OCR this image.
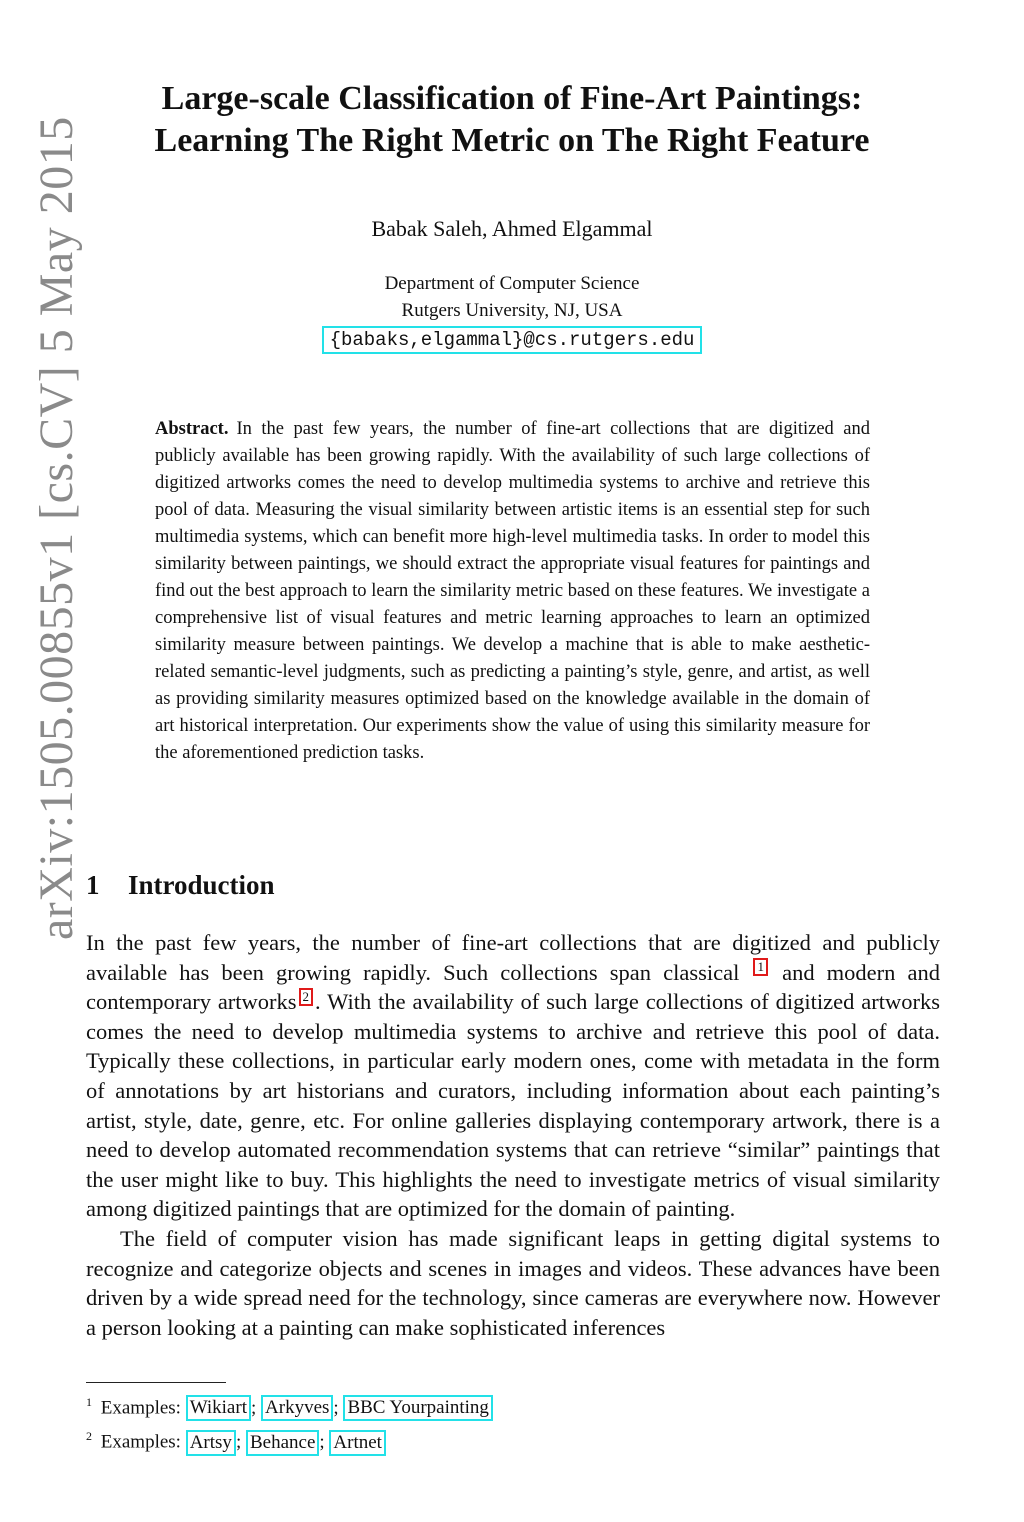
arXiv:1505.00855v1 [cs.CV] 5 May 2015
Large-scale Classification of Fine-Art Paintings:
Learning The Right Metric on The Right Feature
Babak Saleh, Ahmed Elgammal
Department of Computer Science
Rutgers University, NJ, USA
{babaks,elgammal}@cs.rutgers.edu
Abstract. In the past few years, the number of fine-art collections that are digitized and publicly available has been growing rapidly. With the availability of such large collections of digitized artworks comes the need to develop multimedia systems to archive and retrieve this pool of data. Measuring the visual similarity between artistic items is an essential step for such multimedia systems, which can benefit more high-level multimedia tasks. In order to model this similarity between paintings, we should extract the appropriate visual features for paintings and find out the best approach to learn the similarity metric based on these features. We investigate a comprehensive list of visual features and metric learning approaches to learn an optimized similarity measure between paintings. We develop a machine that is able to make aesthetic-related semantic-level judgments, such as predicting a painting’s style, genre, and artist, as well as providing similarity measures optimized based on the knowledge available in the domain of art historical interpretation. Our experiments show the value of using this similarity measure for the aforementioned prediction tasks.
1 Introduction

In the past few years, the number of fine-art collections that are digitized and publicly available has been growing rapidly. Such collections span classical 1 and modern and contemporary artworks 2 . With the availability of such large collections of digitized artworks comes the need to develop multimedia systems to archive and retrieve this pool of data. Typically these collections, in particular early modern ones, come with metadata in the form of annotations by art historians and curators, including information about each painting’s artist, style, date, genre, etc. For online galleries displaying contemporary artwork, there is a need to develop automated recommendation systems that can retrieve “similar” paintings that the user might like to buy. This highlights the need to investigate metrics of visual similarity among digitized paintings that are optimized for the domain of painting.

The field of computer vision has made significant leaps in getting digital systems to recognize and categorize objects and scenes in images and videos. These advances have been driven by a wide spread need for the technology, since cameras are everywhere now. However a person looking at a painting can make sophisticated inferences

$^1$ Examples: Wikiart ; Arkyves ; BBC Yourpainting
$^2$ Examples: Artsy ; Behance ; Artnet
